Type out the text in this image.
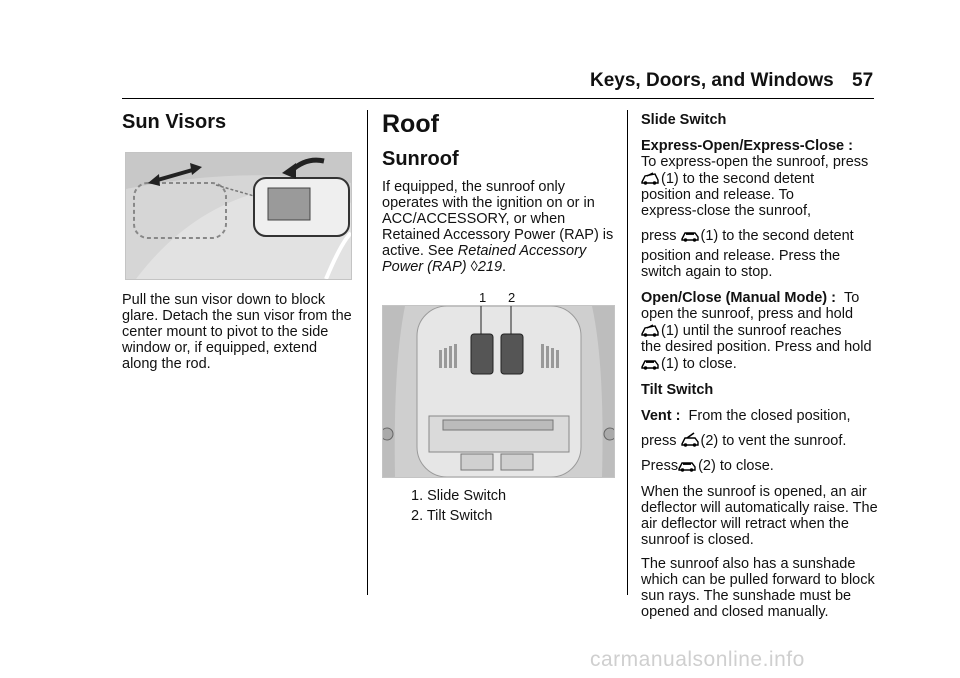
Keys, Doors, and Windows 57
Sun Visors
Pull the sun visor down to block glare. Detach the sun visor from the center mount to pivot to the side window or, if equipped, extend along the rod.
Roof
Sunroof
If equipped, the sunroof only operates with the ignition on or in ACC/ACCESSORY, or when Retained Accessory Power (RAP) is active. See Retained Accessory Power (RAP) ◊219.
1 2

1. Slide Switch

2. Tilt Switch

Slide Switch

Express-Open/Express-Close :

To express-open the sunroof, press

(1) to the second detent

position and release. To

express-close the sunroof,

press (1) to the second detent

position and release. Press the

switch again to stop.

Open/Close (Manual Mode) : To

open the sunroof, press and hold

(1) until the sunroof reaches

the desired position. Press and hold

(1) to close.

Tilt Switch

Vent : From the closed position,

press (2) to vent the sunroof.

Press (2) to close.

When the sunroof is opened, an air deflector will automatically raise. The air deflector will retract when the sunroof is closed.

The sunroof also has a sunshade which can be pulled forward to block sun rays. The sunshade must be opened and closed manually.

carmanualsonline.info
